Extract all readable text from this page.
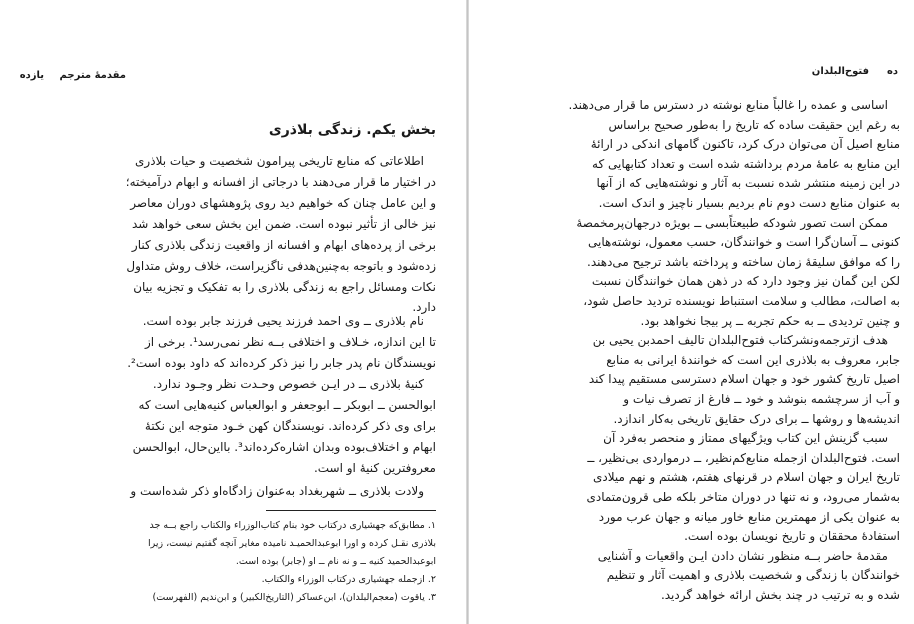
مقدمهٔ مترجم
یازده
بخش یکم. زندگی بلاذری
اطلاعاتی که منابع تاریخی پیرامون شخصیت و حیات بلاذری
در اختیار ما قرار می‌دهند با درجاتی از افسانه و ابهام درآمیخته؛
و این عامل چنان که خواهیم دید روی پژوهشهای دوران معاصر
نیز خالی از تأثیر نبوده است. ضمن این بخش سعی خواهد شد
برخی از پرده‌های ابهام و افسانه از واقعیت زندگی بلاذری کنار
زده‌شود و باتوجه به‌چنین‌هدفی ناگزیراست، خلاف روش متداول
نکات ومسائل راجع به زندگی بلاذری را به تفکیک و تجزیه بیان
دارد.
نام بلاذری ــ وی احمد فرزند یحیی فرزند جابر بوده است.
تا این اندازه، خـلاف و اختلافی بــه نظر نمی‌رسد¹. برخی از
نویسندگان نام پدر جابر را نیز ذکر کرده‌اند که داود بوده است².
کنیهٔ بلاذری ــ در ایـن خصوص وحـدت نظر وجـود ندارد.
ابوالحسن ــ ابوبکر ــ ابوجعفر و ابوالعباس کنیه‌هایی است که
برای وی ذکر کرده‌اند. نویسندگان کهن خـود متوجه این نکتهٔ
ابهام و اختلاف‌بوده وبدان اشاره‌کرده‌اند³. بااین‌حال، ابوالحسن
معروفترین کنیهٔ او است.
ولادت بلاذری ــ شهربغداد به‌عنوان زادگاه‌او ذکر شده‌است و
۱. مطابق‌که جهشیاری درکتاب خود بنام کتاب‌الوزراء والکتاب راجع بــه جد
بلاذری نقـل کرده و اورا ابوعبدالحمیـد نامیده مغایر آنچه گفتیم نیست، زیرا
ابوعبدالحمید کنیه ــ و نه نام ــ او (جابر) بوده است.
۲. ازجمله جهشیاری درکتاب الوزراء والکتاب.
۳. یاقوت (معجم‌البلدان)، ابن‌عساکر (التاریخ‌الکبیر) و ابن‌ندیم (الفهرست)
فتوح‌البلدان ده
اساسی و عمده را غالباً منابع نوشته در دسترس ما قرار می‌دهند.
به رغم این حقیقت ساده که تاریخ را به‌طور صحیح براساس
منابع اصیل آن می‌توان درک کرد، تاکنون گامهای اندکی در ارائهٔ
این منابع به عامهٔ مردم برداشته شده است و تعداد کتابهایی که
در این زمینه منتشر شده نسبت به آثار و نوشته‌هایی که از آنها
به عنوان منابع دست دوم نام بردیم بسیار ناچیز و اندک است.
ممکن است تصور شودکه طبیعتاً‌بسی ــ بویژه درجهان‌پرمخمصهٔ
کنونی ــ آسان‌گرا است و خوانندگان، حسب معمول، نوشته‌هایی
را که موافق سلیقهٔ زمان ساخته و پرداخته باشد ترجیح می‌دهند.
لکن این گمان نیز وجود دارد که در ذهن همان خوانندگان نسبت
به اصالت، مطالب و سلامت استنباط نویسنده تردید حاصل شود،
و چنین تردیدی ــ به حکم تجربه ــ پر بیجا نخواهد بود.
هدف ازترجمه‌ونشرکتاب فتوح‌البلدان تالیف احمدبن یحیی بن
جابر، معروف به بلاذری این است که خوانندهٔ ایرانی به منابع
اصیل تاریخ کشور خود و جهان اسلام دسترسی مستقیم پیدا کند
و آب از سرچشمه بنوشد و خود ــ فارغ از تصرف نیات و
اندیشه‌ها و روشها ــ برای درک حقایق تاریخی به‌کار اندازد.
سبب گزینش این کتاب ویژگیهای ممتاز و منحصر به‌فرد آن
است. فتوح‌البلدان ازجمله منابع‌کم‌نظیر، ــ درمواردی بی‌نظیر، ــ
تاریخ ایران و جهان اسلام در قرنهای هفتم، هشتم و نهم میلادی
به‌شمار می‌رود، و نه تنها در دوران متاخر بلکه طی قرون‌متمادی
به عنوان یکی از مهمترین منابع خاور میانه و جهان عرب مورد
استفادهٔ محققان و تاریخ نویسان بوده است.
مقدمهٔ حاضر بــه منظور نشان دادن ایـن واقعیات و آشنایی
خوانندگان با زندگی و شخصیت بلاذری و اهمیت آثار و تنظیم
شده و به ترتیب در چند بخش ارائه خواهد گردید.
